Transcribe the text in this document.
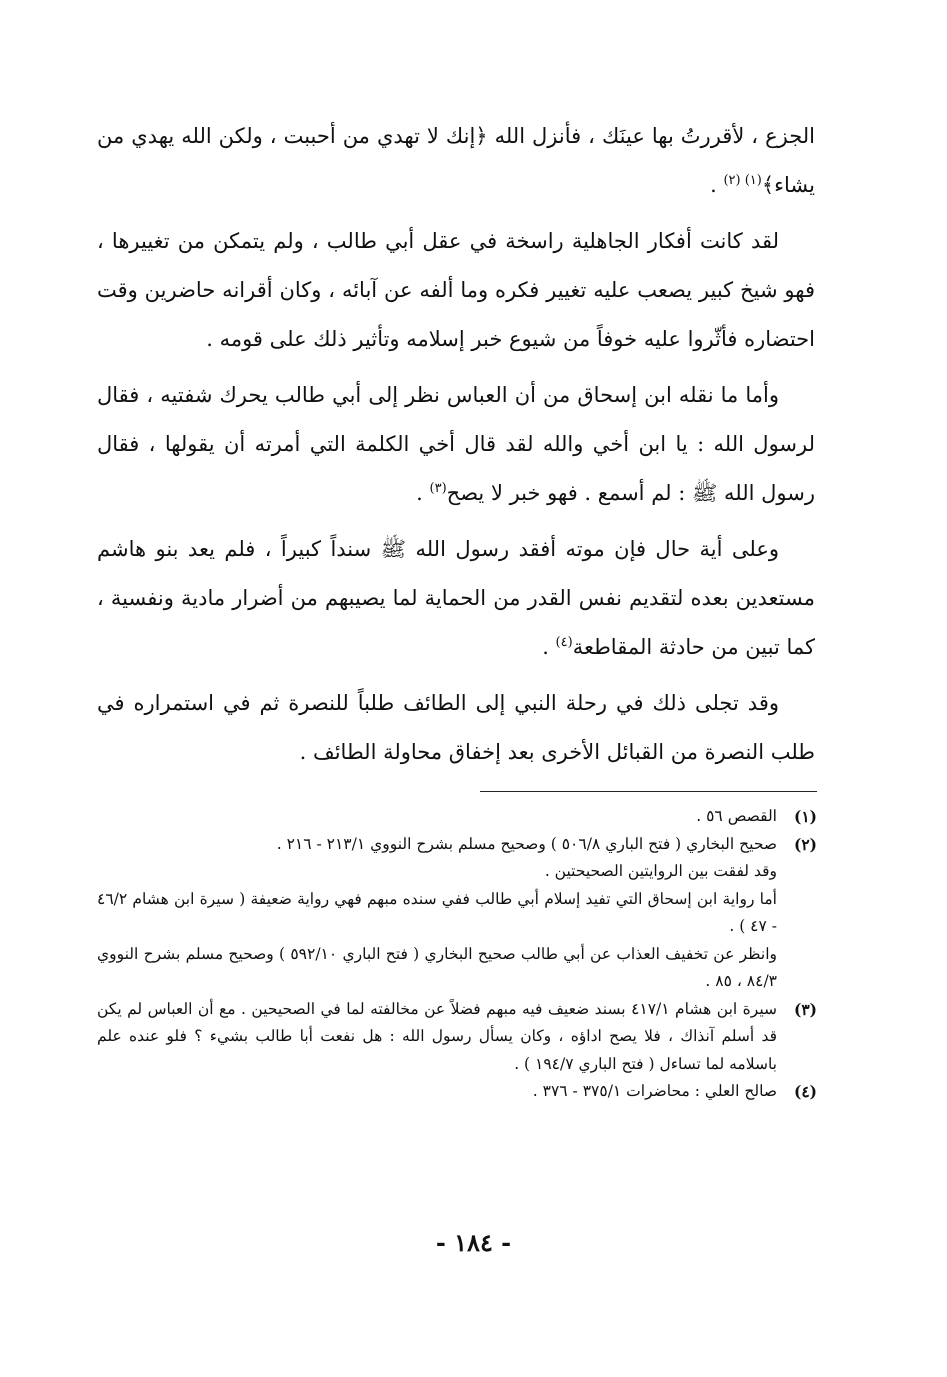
الجزع ، لأقررتُ بها عينَك ، فأنزل الله ﴿إنك لا تهدي من أحببت ، ولكن الله يهدي من يشاء﴾$^{(١) (٢)}$ .

لقد كانت أفكار الجاهلية راسخة في عقل أبي طالب ، ولم يتمكن من تغييرها ، فهو شيخ كبير يصعب عليه تغيير فكره وما ألفه عن آبائه ، وكان أقرانه حاضرين وقت احتضاره فأثّروا عليه خوفاً من شيوع خبر إسلامه وتأثير ذلك على قومه .

وأما ما نقله ابن إسحاق من أن العباس نظر إلى أبي طالب يحرك شفتيه ، فقال لرسول الله : يا ابن أخي والله لقد قال أخي الكلمة التي أمرته أن يقولها ، فقال رسول الله ﷺ : لم أسمع . فهو خبر لا يصح$^{(٣)}$ .

وعلى أية حال فإن موته أفقد رسول الله ﷺ سنداً كبيراً ، فلم يعد بنو هاشم مستعدين بعده لتقديم نفس القدر من الحماية لما يصيبهم من أضرار مادية ونفسية ، كما تبين من حادثة المقاطعة$^{(٤)}$ .

وقد تجلى ذلك في رحلة النبي إلى الطائف طلباً للنصرة ثم في استمراره في طلب النصرة من القبائل الأخرى بعد إخفاق محاولة الطائف .

(١)

القصص ٥٦ .

(٢)

صحيح البخاري ( فتح الباري ٥٠٦/٨ ) وصحيح مسلم بشرح النووي ٢١٣/١ - ٢١٦ .

وقد لفقت بين الروايتين الصحيحتين .

أما رواية ابن إسحاق التي تفيد إسلام أبي طالب ففي سنده مبهم فهي رواية ضعيفة ( سيرة ابن هشام ٤٦/٢ - ٤٧ ) .

وانظر عن تخفيف العذاب عن أبي طالب صحيح البخاري ( فتح الباري ٥٩٢/١٠ ) وصحيح مسلم بشرح النووي ٨٤/٣ ، ٨٥ .

(٣)

سيرة ابن هشام ٤١٧/١ بسند ضعيف فيه مبهم فضلاً عن مخالفته لما في الصحيحين . مع أن العباس لم يكن قد أسلم آنذاك ، فلا يصح اداؤه ، وكان يسأل رسول الله : هل نفعت أبا طالب بشيء ؟ فلو عنده علم باسلامه لما تساءل ( فتح الباري ١٩٤/٧ ) .

(٤)

صالح العلي : محاضرات ٣٧٥/١ - ٣٧٦ .

- ١٨٤ -
